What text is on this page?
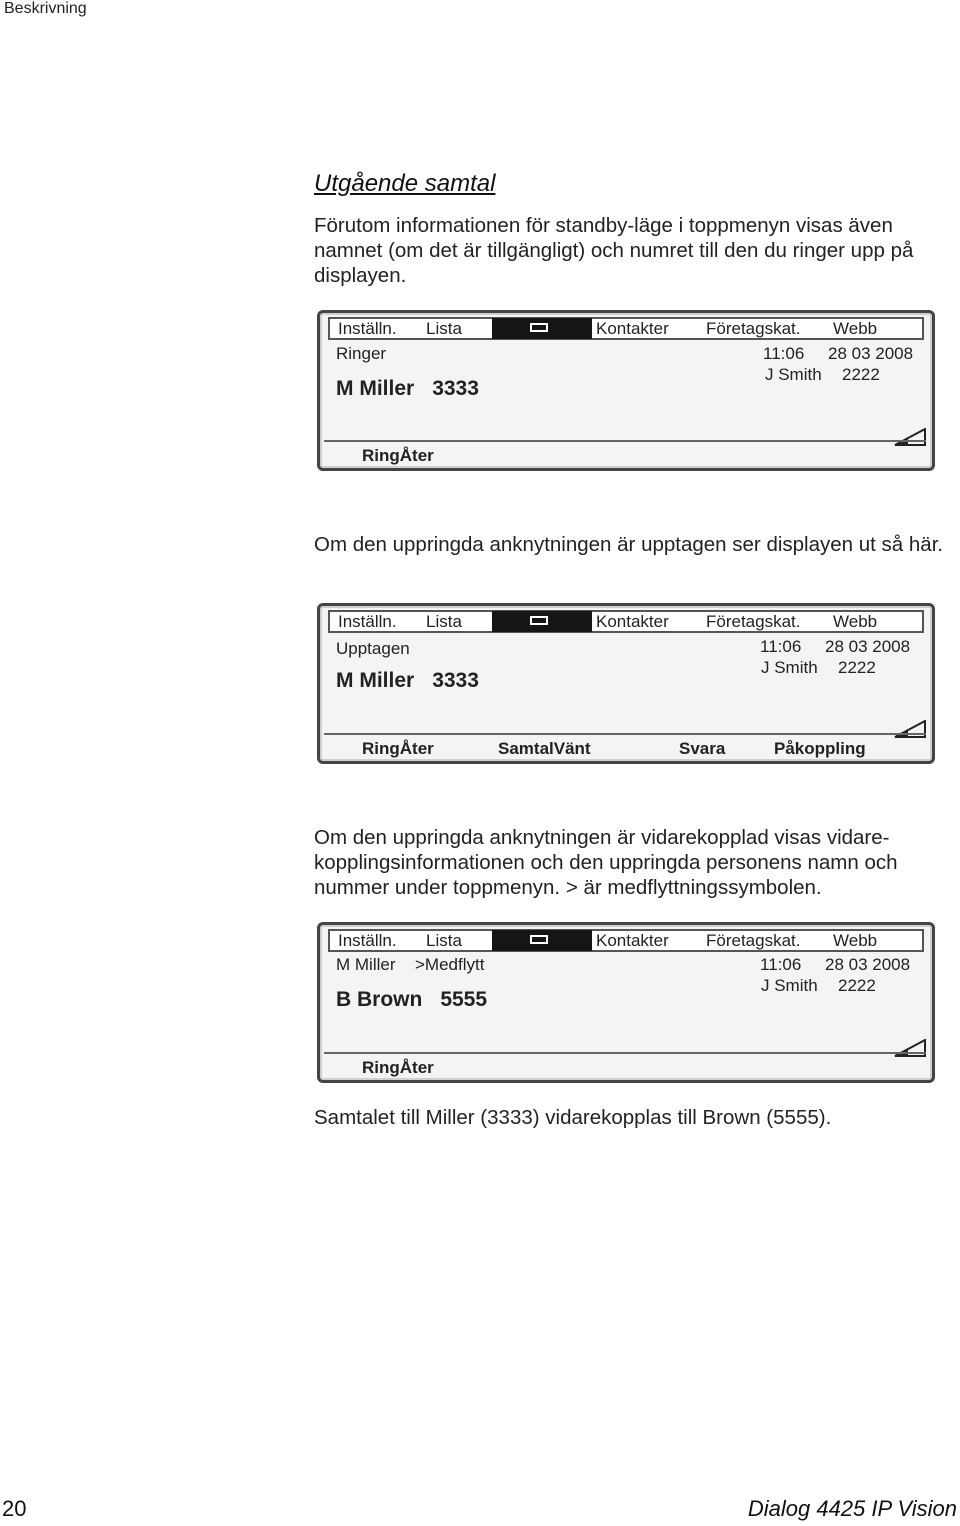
Beskrivning
Utgående samtal
Förutom informationen för standby-läge i toppmenyn visas även namnet (om det är tillgängligt) och numret till den du ringer upp på displayen.
Inställn. Lista	Kontakter Företagskat. Webb
Ringer	11:06 28 03 2008
J Smith 2222
M Miller 3333
RingÅter
Om den uppringda anknytningen är upptagen ser displayen ut så här.
Inställn. Lista	Kontakter Företagskat. Webb
Upptagen	11:06 28 03 2008
J Smith 2222
M Miller 3333
RingÅter	SamtalVänt	Svara	Påkoppling
Om den uppringda anknytningen är vidarekopplad visas vidare-kopplingsinformationen och den uppringda personens namn och nummer under toppmenyn. > är medflyttningssymbolen.
Inställn. Lista	Kontakter Företagskat. Webb
M Miller >Medflytt	11:06 28 03 2008
J Smith 2222
B Brown 5555
RingÅter
Samtalet till Miller (3333) vidarekopplas till Brown (5555).
20	Dialog 4425 IP Vision
